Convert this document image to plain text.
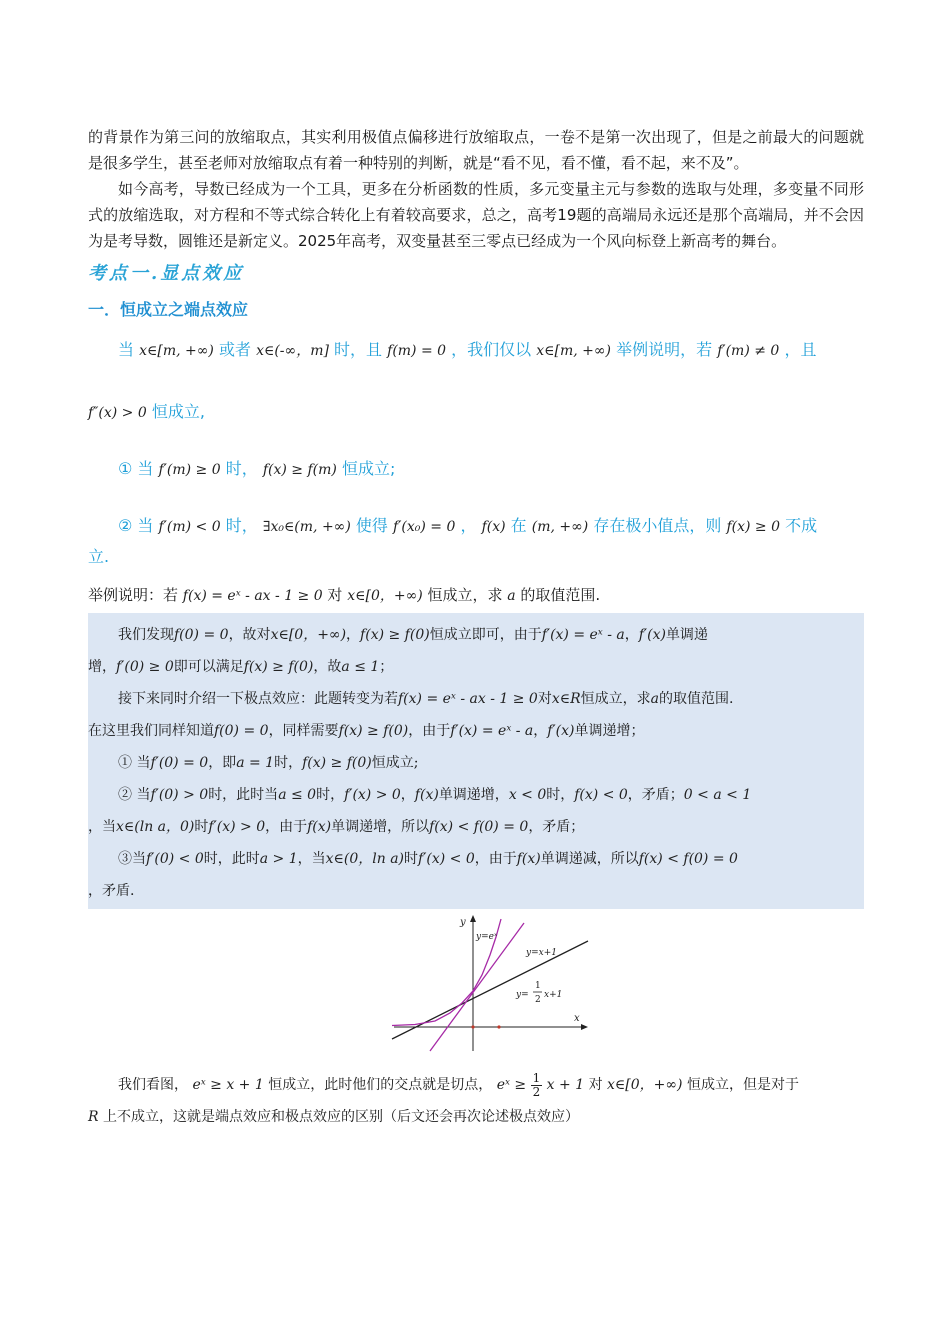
的背景作为第三问的放缩取点，其实利用极值点偏移进行放缩取点，一卷不是第一次出现了，但是之前最大的问题就是很多学生，甚至老师对放缩取点有着一种特别的判断，就是“看不见，看不懂，看不起，来不及”。

如今高考，导数已经成为一个工具，更多在分析函数的性质，多元变量主元与参数的选取与处理，多变量不同形式的放缩选取，对方程和不等式综合转化上有着较高要求，总之，高考19题的高端局永远还是那个高端局，并不会因为是考导数，圆锥还是新定义。2025年高考，双变量甚至三零点已经成为一个风向标登上新高考的舞台。

考点一.显点效应

一．恒成立之端点效应

当 x∈[m, +∞) 或者 x∈(-∞，m] 时，且 f(m) = 0 ，我们仅以 x∈[m, +∞) 举例说明，若 f′(m) ≠ 0 ，且

f″(x) > 0 恒成立,

① 当 f′(m) ≥ 0 时， f(x) ≥ f(m) 恒成立;

② 当 f′(m) < 0 时， ∃x₀∈(m, +∞) 使得 f′(x₀) = 0 ， f(x) 在 (m, +∞) 存在极小值点，则 f(x) ≥ 0 不成

立.

举例说明：若 f(x) = eˣ - ax - 1 ≥ 0 对 x∈[0，+∞) 恒成立，求 a 的取值范围.

我们发现f(0) = 0，故对x∈[0，+∞)，f(x) ≥ f(0)恒成立即可，由于f′(x) = eˣ - a，f′(x)单调递
增，f′(0) ≥ 0即可以满足f(x) ≥ f(0)，故a ≤ 1；
接下来同时介绍一下极点效应：此题转变为若f(x) = eˣ - ax - 1 ≥ 0对x∈R恒成立，求a的取值范围.
在这里我们同样知道f(0) = 0，同样需要f(x) ≥ f(0)，由于f′(x) = eˣ - a，f′(x)单调递增；
① 当f′(0) = 0，即a = 1时，f(x) ≥ f(0)恒成立;
② 当f′(0) > 0时，此时当a ≤ 0时，f′(x) > 0，f(x)单调递增，x < 0时，f(x) < 0，矛盾；0 < a < 1
，当x∈(ln a，0)时f′(x) > 0，由于f(x)单调递增，所以f(x) < f(0) = 0，矛盾；
③当f′(0) < 0时，此时a > 1，当x∈(0，ln a)时f′(x) < 0，由于f(x)单调递减，所以f(x) < f(0) = 0
，矛盾.
y
x
y=eˣ
y=x+1
y=
1
2 x+1
我们看图， eˣ ≥ x + 1 恒成立，此时他们的交点就是切点， eˣ ≥ $\frac{1}{2}$ x + 1 对 x∈[0，+∞) 恒成立，但是对于
R 上不成立，这就是端点效应和极点效应的区别（后文还会再次论述极点效应）
